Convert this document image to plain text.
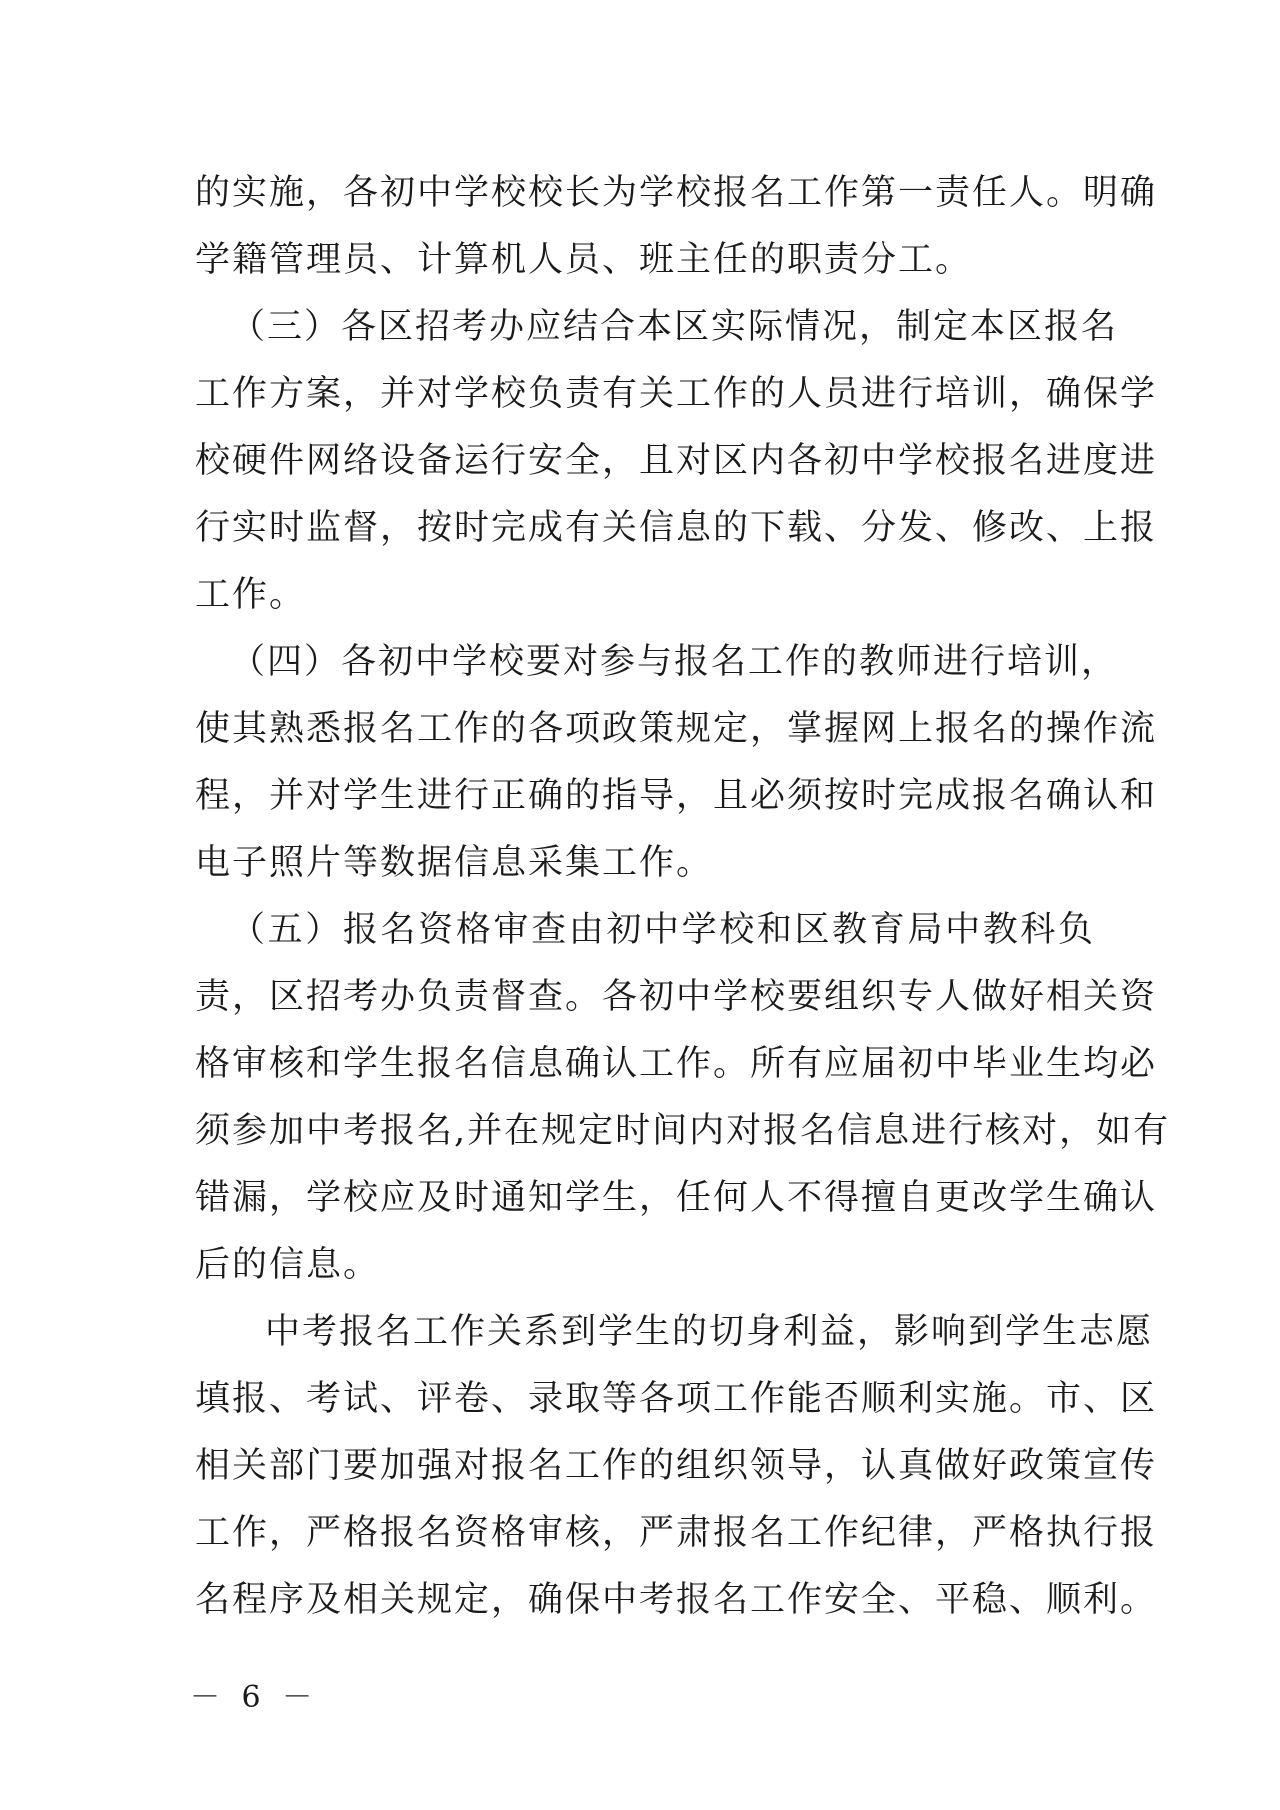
的实施，各初中学校校长为学校报名工作第一责任人。明确
学籍管理员、计算机人员、班主任的职责分工。
（三）各区招考办应结合本区实际情况，制定本区报名
工作方案，并对学校负责有关工作的人员进行培训，确保学
校硬件网络设备运行安全，且对区内各初中学校报名进度进
行实时监督，按时完成有关信息的下载、分发、修改、上报
工作。
（四）各初中学校要对参与报名工作的教师进行培训，
使其熟悉报名工作的各项政策规定，掌握网上报名的操作流
程，并对学生进行正确的指导，且必须按时完成报名确认和
电子照片等数据信息采集工作。
（五）报名资格审查由初中学校和区教育局中教科负
责，区招考办负责督查。各初中学校要组织专人做好相关资
格审核和学生报名信息确认工作。所有应届初中毕业生均必
须参加中考报名,并在规定时间内对报名信息进行核对，如有
错漏，学校应及时通知学生，任何人不得擅自更改学生确认
后的信息。
中考报名工作关系到学生的切身利益，影响到学生志愿
填报、考试、评卷、录取等各项工作能否顺利实施。市、区
相关部门要加强对报名工作的组织领导，认真做好政策宣传
工作，严格报名资格审核，严肃报名工作纪律，严格执行报
名程序及相关规定，确保中考报名工作安全、平稳、顺利。
－ 6 －
